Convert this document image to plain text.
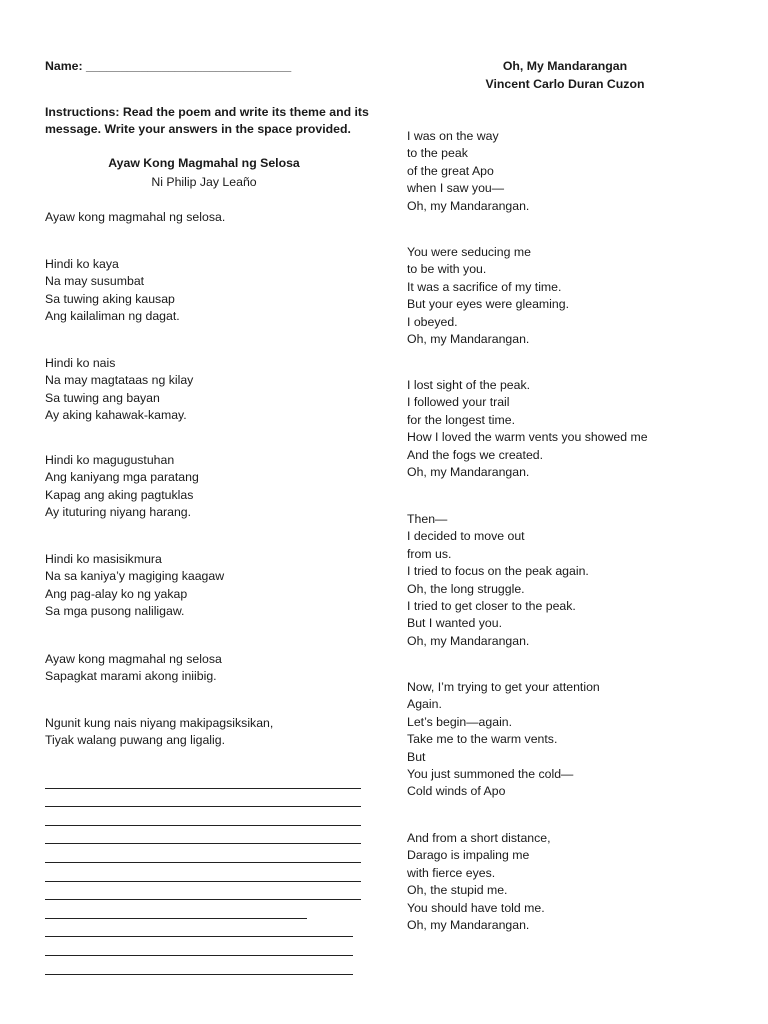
Name: ______________________________
Instructions: Read the poem and write its theme and its message. Write your answers in the space provided.
Ayaw Kong Magmahal ng Selosa
Ni Philip Jay Leaño
Ayaw kong magmahal ng selosa.
Hindi ko kaya
Na may susumbat
Sa tuwing aking kausap
Ang kailaliman ng dagat.
Hindi ko nais
Na may magtataas ng kilay
Sa tuwing ang bayan
Ay aking kahawak-kamay.
Hindi ko magugustuhan
Ang kaniyang mga paratang
Kapag ang aking pagtuklas
Ay ituturing niyang harang.
Hindi ko masisikmura
Na sa kaniya’y magiging kaagaw
Ang pag-alay ko ng yakap
Sa mga pusong naliligaw.
Ayaw kong magmahal ng selosa
Sapagkat marami akong iniibig.
Ngunit kung nais niyang makipagsiksikan,
Tiyak walang puwang ang ligalig.
Oh, My Mandarangan
Vincent Carlo Duran Cuzon
I was on the way
to the peak
of the great Apo
when I saw you—
Oh, my Mandarangan.
You were seducing me
to be with you.
It was a sacrifice of my time.
But your eyes were gleaming.
I obeyed.
Oh, my Mandarangan.
I lost sight of the peak.
I followed your trail
for the longest time.
How I loved the warm vents you showed me
And the fogs we created.
Oh, my Mandarangan.
Then—
I decided to move out
from us.
I tried to focus on the peak again.
Oh, the long struggle.
I tried to get closer to the peak.
But I wanted you.
Oh, my Mandarangan.
Now, I’m trying to get your attention
Again.
Let’s begin—again.
Take me to the warm vents.
But
You just summoned the cold—
Cold winds of Apo
And from a short distance,
Darago is impaling me
with fierce eyes.
Oh, the stupid me.
You should have told me.
Oh, my Mandarangan.
